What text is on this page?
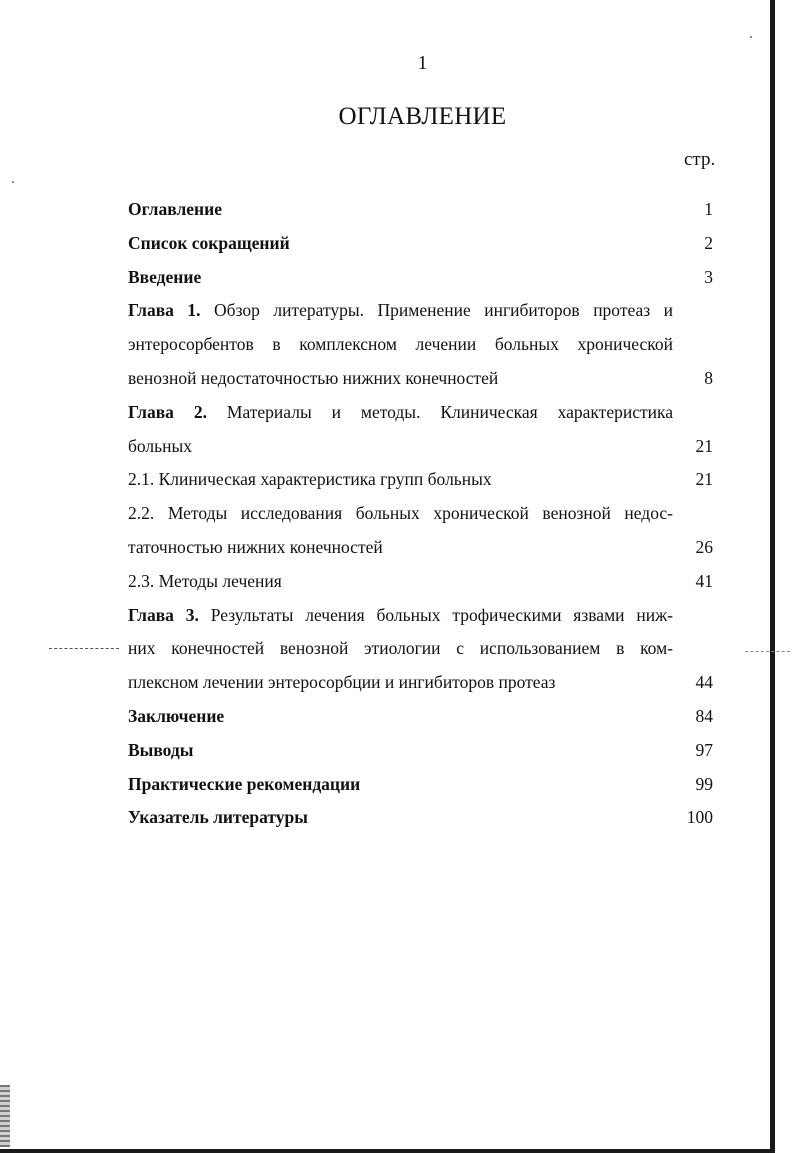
1
ОГЛАВЛЕНИЕ
стр.
Оглавление	1
Список сокращений	2
Введение	3
Глава 1. Обзор литературы. Применение ингибиторов протеаз и
энтеросорбентов в комплексном лечении больных хронической
венозной недостаточностью нижних конечностей	8
Глава 2. Материалы и методы. Клиническая характеристика
больных	21
2.1. Клиническая характеристика групп больных	21
2.2. Методы исследования больных хронической венозной недос-
таточностью нижних конечностей	26
2.3. Методы лечения	41
Глава 3. Результаты лечения больных трофическими язвами ниж-
них конечностей венозной этиологии с использованием в ком-
плексном лечении энтеросорбции и ингибиторов протеаз	44
Заключение	84
Выводы	97
Практические рекомендации	99
Указатель литературы	100
